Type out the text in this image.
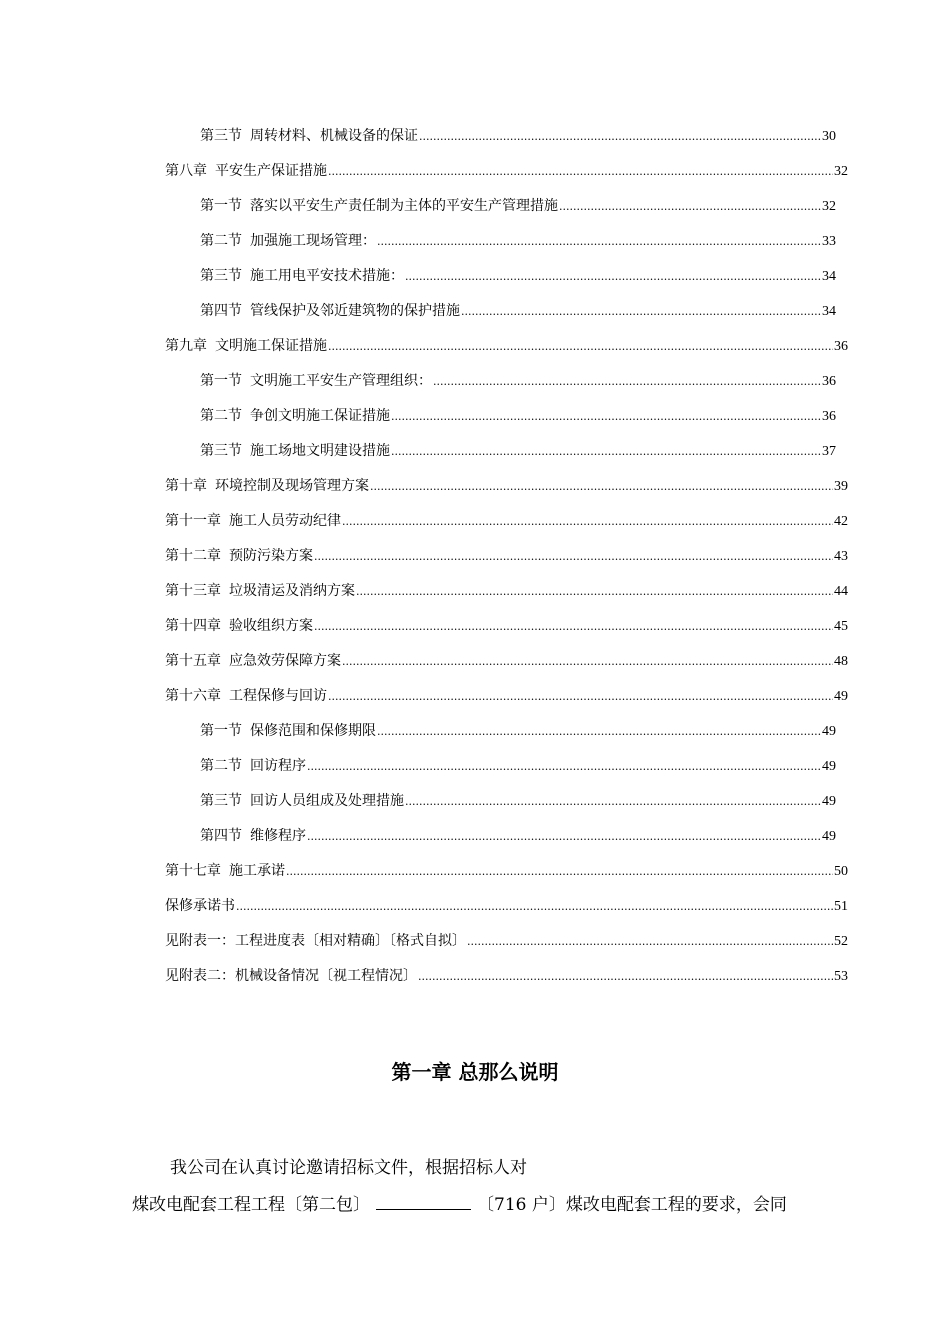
第三节 周转材料、机械设备的保证 .....	30
第八章 平安生产保证措施 .....	32
第一节 落实以平安生产责任制为主体的平安生产管理措施 .....	32
第二节 加强施工现场管理： .....	33
第三节 施工用电平安技术措施： .....	34
第四节 管线保护及邻近建筑物的保护措施 .....	34
第九章 文明施工保证措施 .....	36
第一节 文明施工平安生产管理组织： .....	36
第二节 争创文明施工保证措施 .....	36
第三节 施工场地文明建设措施 .....	37
第十章 环境控制及现场管理方案 .....	39
第十一章 施工人员劳动纪律 .....	42
第十二章 预防污染方案 .....	43
第十三章 垃圾清运及消纳方案 .....	44
第十四章 验收组织方案 .....	45
第十五章 应急效劳保障方案 .....	48
第十六章 工程保修与回访 .....	49
第一节 保修范围和保修期限 .....	49
第二节 回访程序 .....	49
第三节 回访人员组成及处理措施 .....	49
第四节 维修程序 .....	49
第十七章 施工承诺 .....	50
保修承诺书 .....	51
见附表一：工程进度表〔相对精确〕〔格式自拟〕 .....	52
见附表二：机械设备情况〔视工程情况〕 .....	53
第一章 总那么说明
我公司在认真讨论邀请招标文件，根据招标人对
煤改电配套工程工程〔第二包〕	〔716 户〕煤改电配套工程的要求，会同
